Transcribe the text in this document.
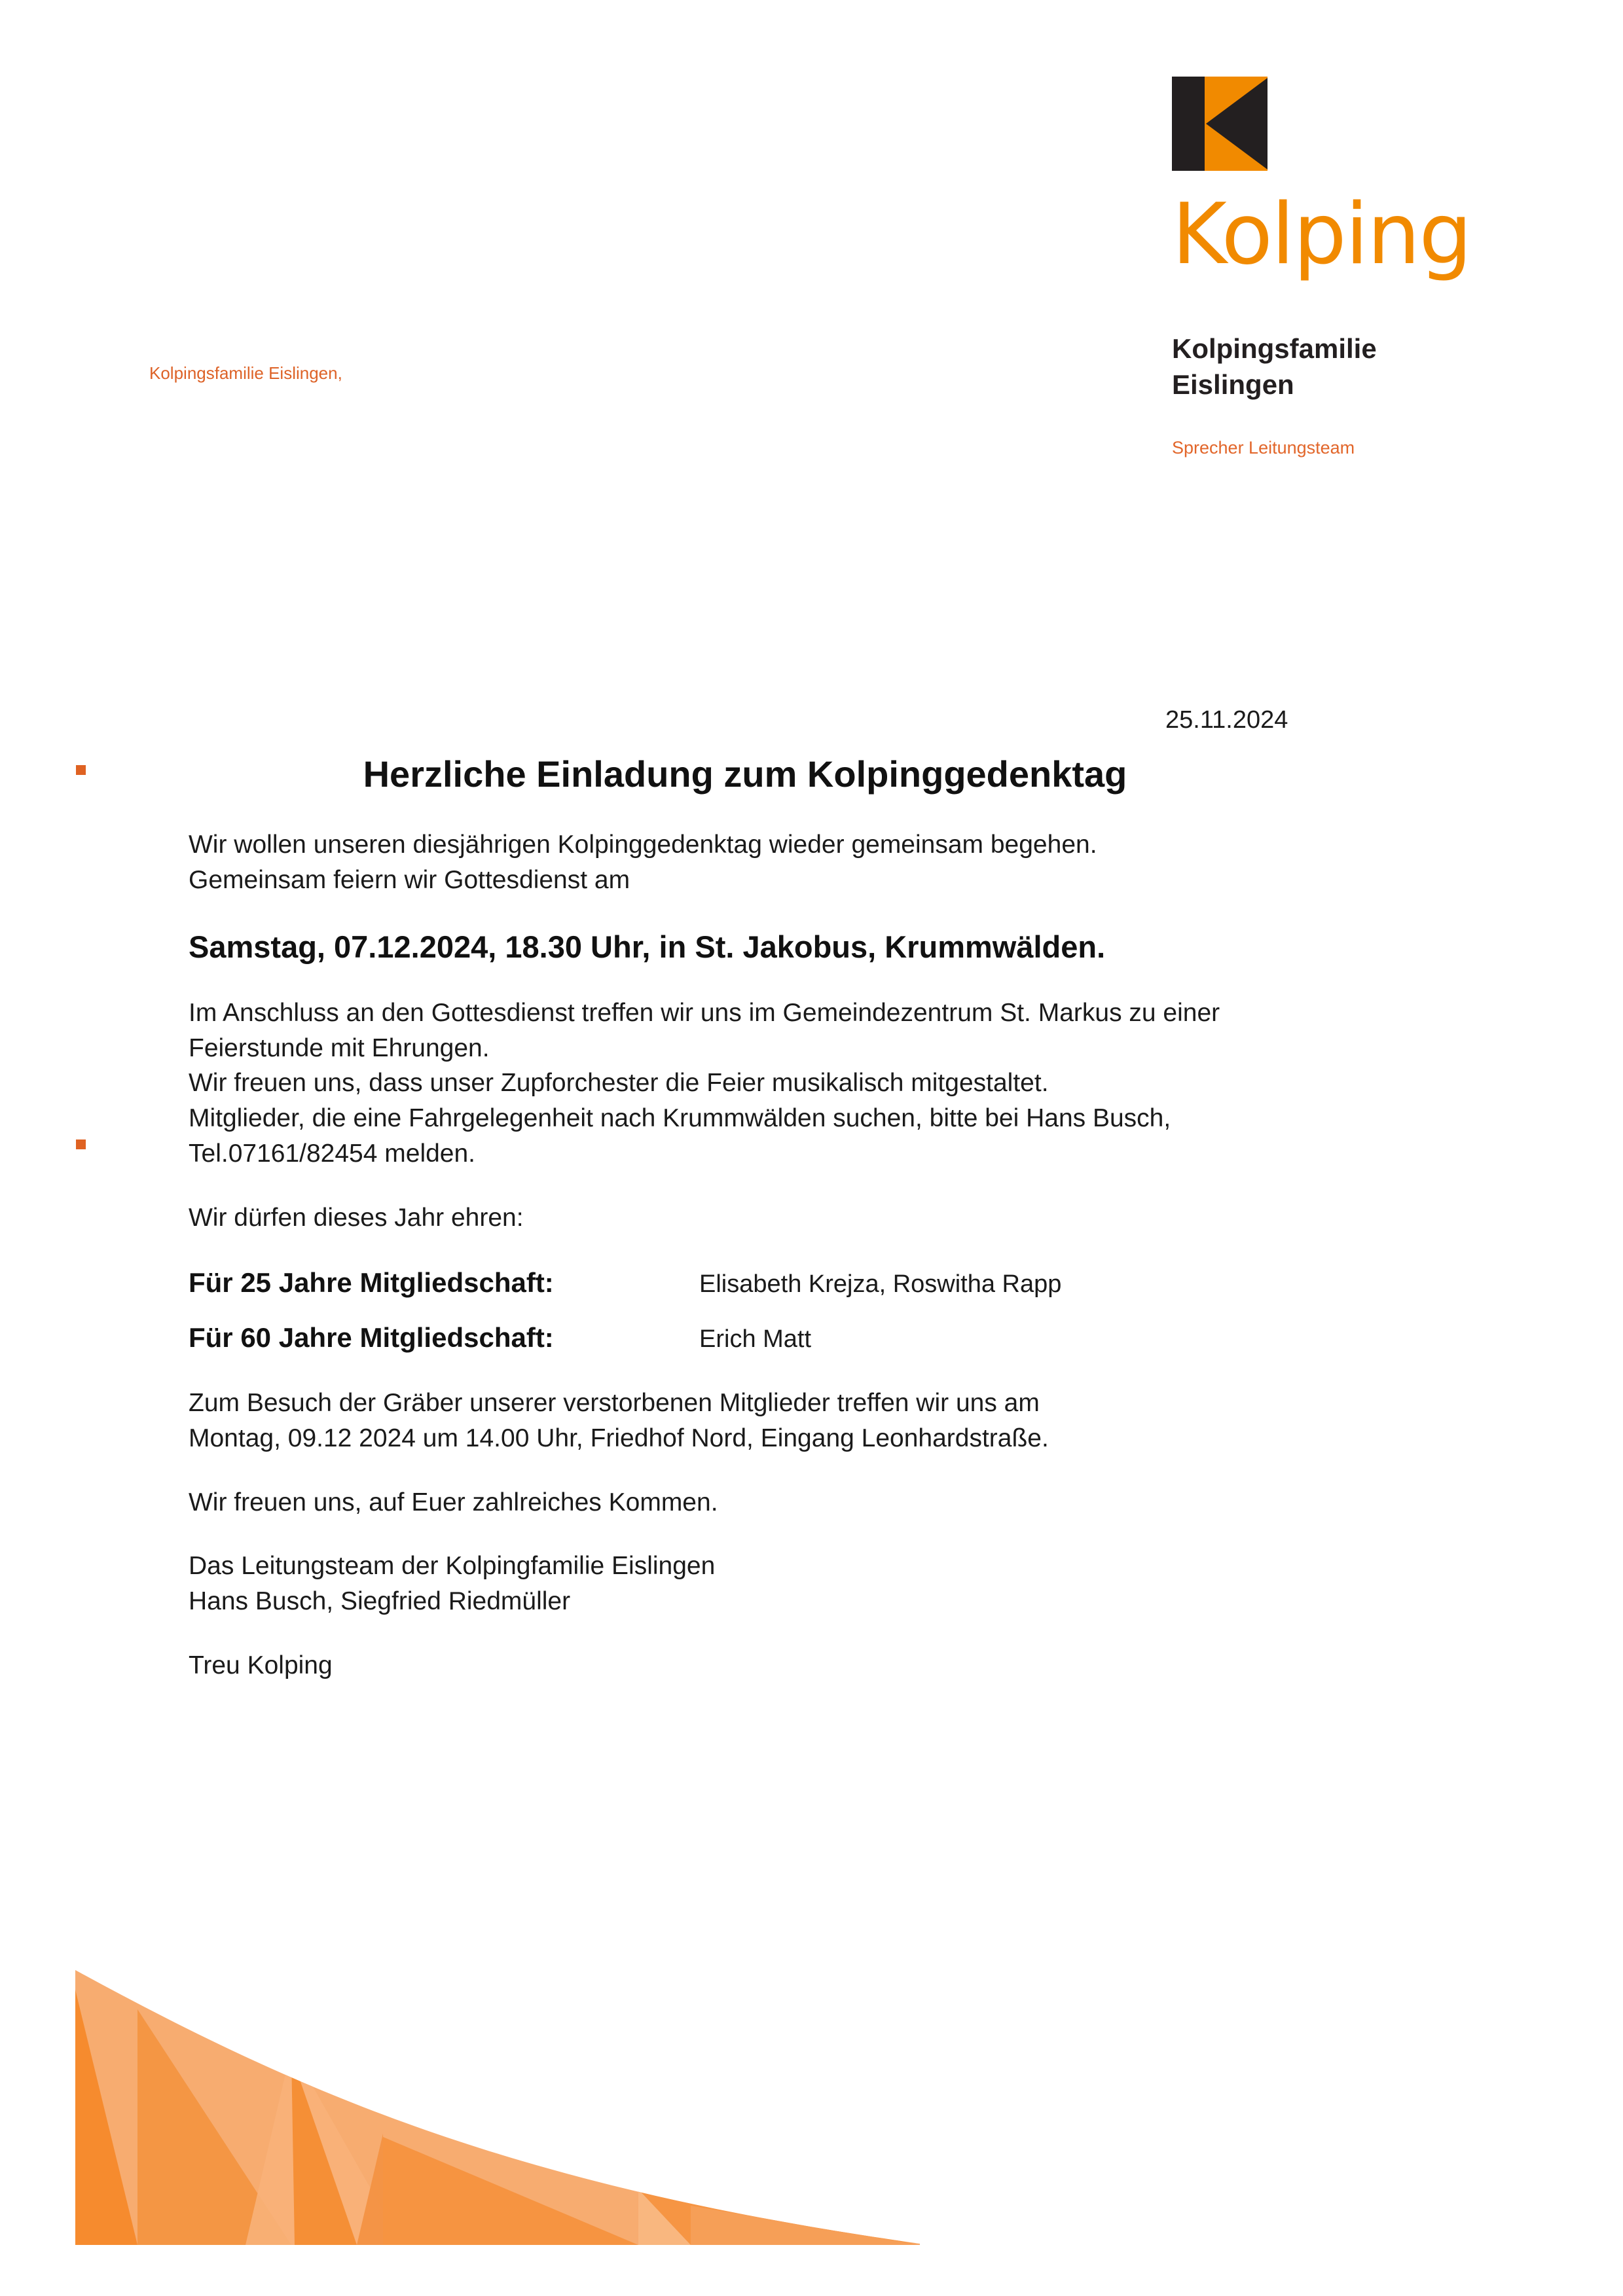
Kolping
Kolpingsfamilie
Eislingen
Sprecher Leitungsteam
Kolpingsfamilie Eislingen,
25.11.2024
Herzliche Einladung zum Kolpinggedenktag

Wir wollen unseren diesjährigen Kolpinggedenktag wieder gemeinsam begehen.

Gemeinsam feiern wir Gottesdienst am

Samstag, 07.12.2024, 18.30 Uhr, in St. Jakobus, Krummwälden.

Im Anschluss an den Gottesdienst treffen wir uns im Gemeindezentrum St. Markus zu einer

Feierstunde mit Ehrungen.

Wir freuen uns, dass unser Zupforchester die Feier musikalisch mitgestaltet.

Mitglieder, die eine Fahrgelegenheit nach Krummwälden suchen, bitte bei Hans Busch,

Tel.07161/82454 melden.

Wir dürfen dieses Jahr ehren:

Für 25 Jahre Mitgliedschaft:	Elisabeth Krejza, Roswitha Rapp
Für 60 Jahre Mitgliedschaft:	Erich Matt

Zum Besuch der Gräber unserer verstorbenen Mitglieder treffen wir uns am

Montag, 09.12 2024 um 14.00 Uhr, Friedhof Nord, Eingang Leonhardstraße.

Wir freuen uns, auf Euer zahlreiches Kommen.

Das Leitungsteam der Kolpingfamilie Eislingen

Hans Busch, Siegfried Riedmüller

Treu Kolping
